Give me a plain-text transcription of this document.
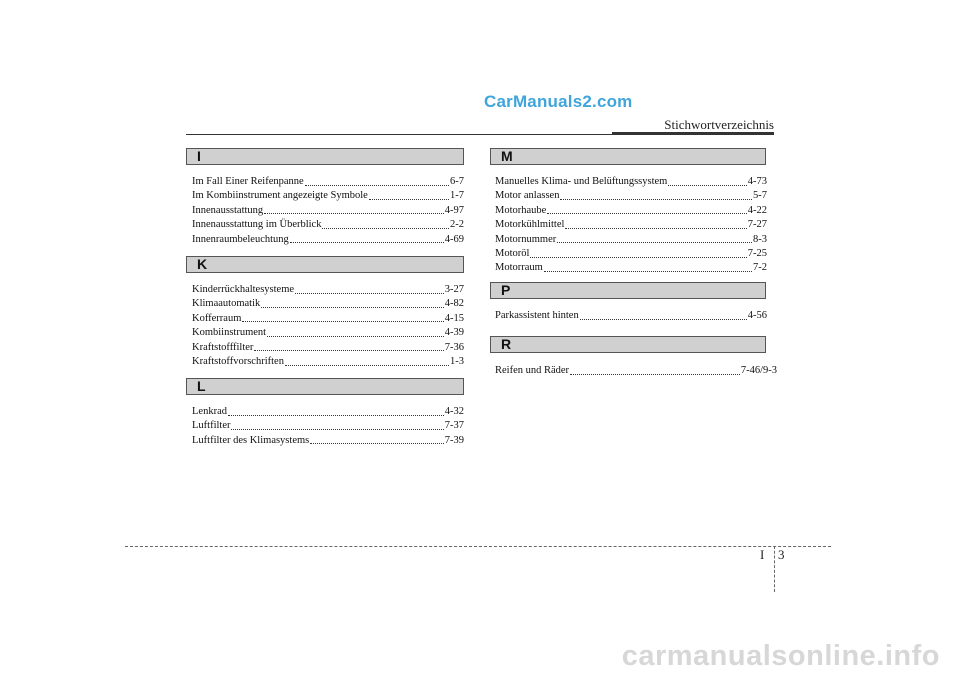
CarManuals2.com
Stichwortverzeichnis
I
Im Fall Einer Reifenpanne	6-7
Im Kombiinstrument angezeigte Symbole	1-7
Innenausstattung	4-97
Innenausstattung im Überblick	2-2
Innenraumbeleuchtung	4-69
K
Kinderrückhaltesysteme	3-27
Klimaautomatik	4-82
Kofferraum	4-15
Kombiinstrument	4-39
Kraftstofffilter	7-36
Kraftstoffvorschriften	1-3
L
Lenkrad	4-32
Luftfilter	7-37
Luftfilter des Klimasystems	7-39
M
Manuelles Klima- und Belüftungssystem	4-73
Motor anlassen	5-7
Motorhaube	4-22
Motorkühlmittel	7-27
Motornummer	8-3
Motoröl	7-25
Motorraum	7-2
P
Parkassistent hinten	4-56
R
Reifen und Räder	7-46/9-3
I 3
carmanualsonline.info
